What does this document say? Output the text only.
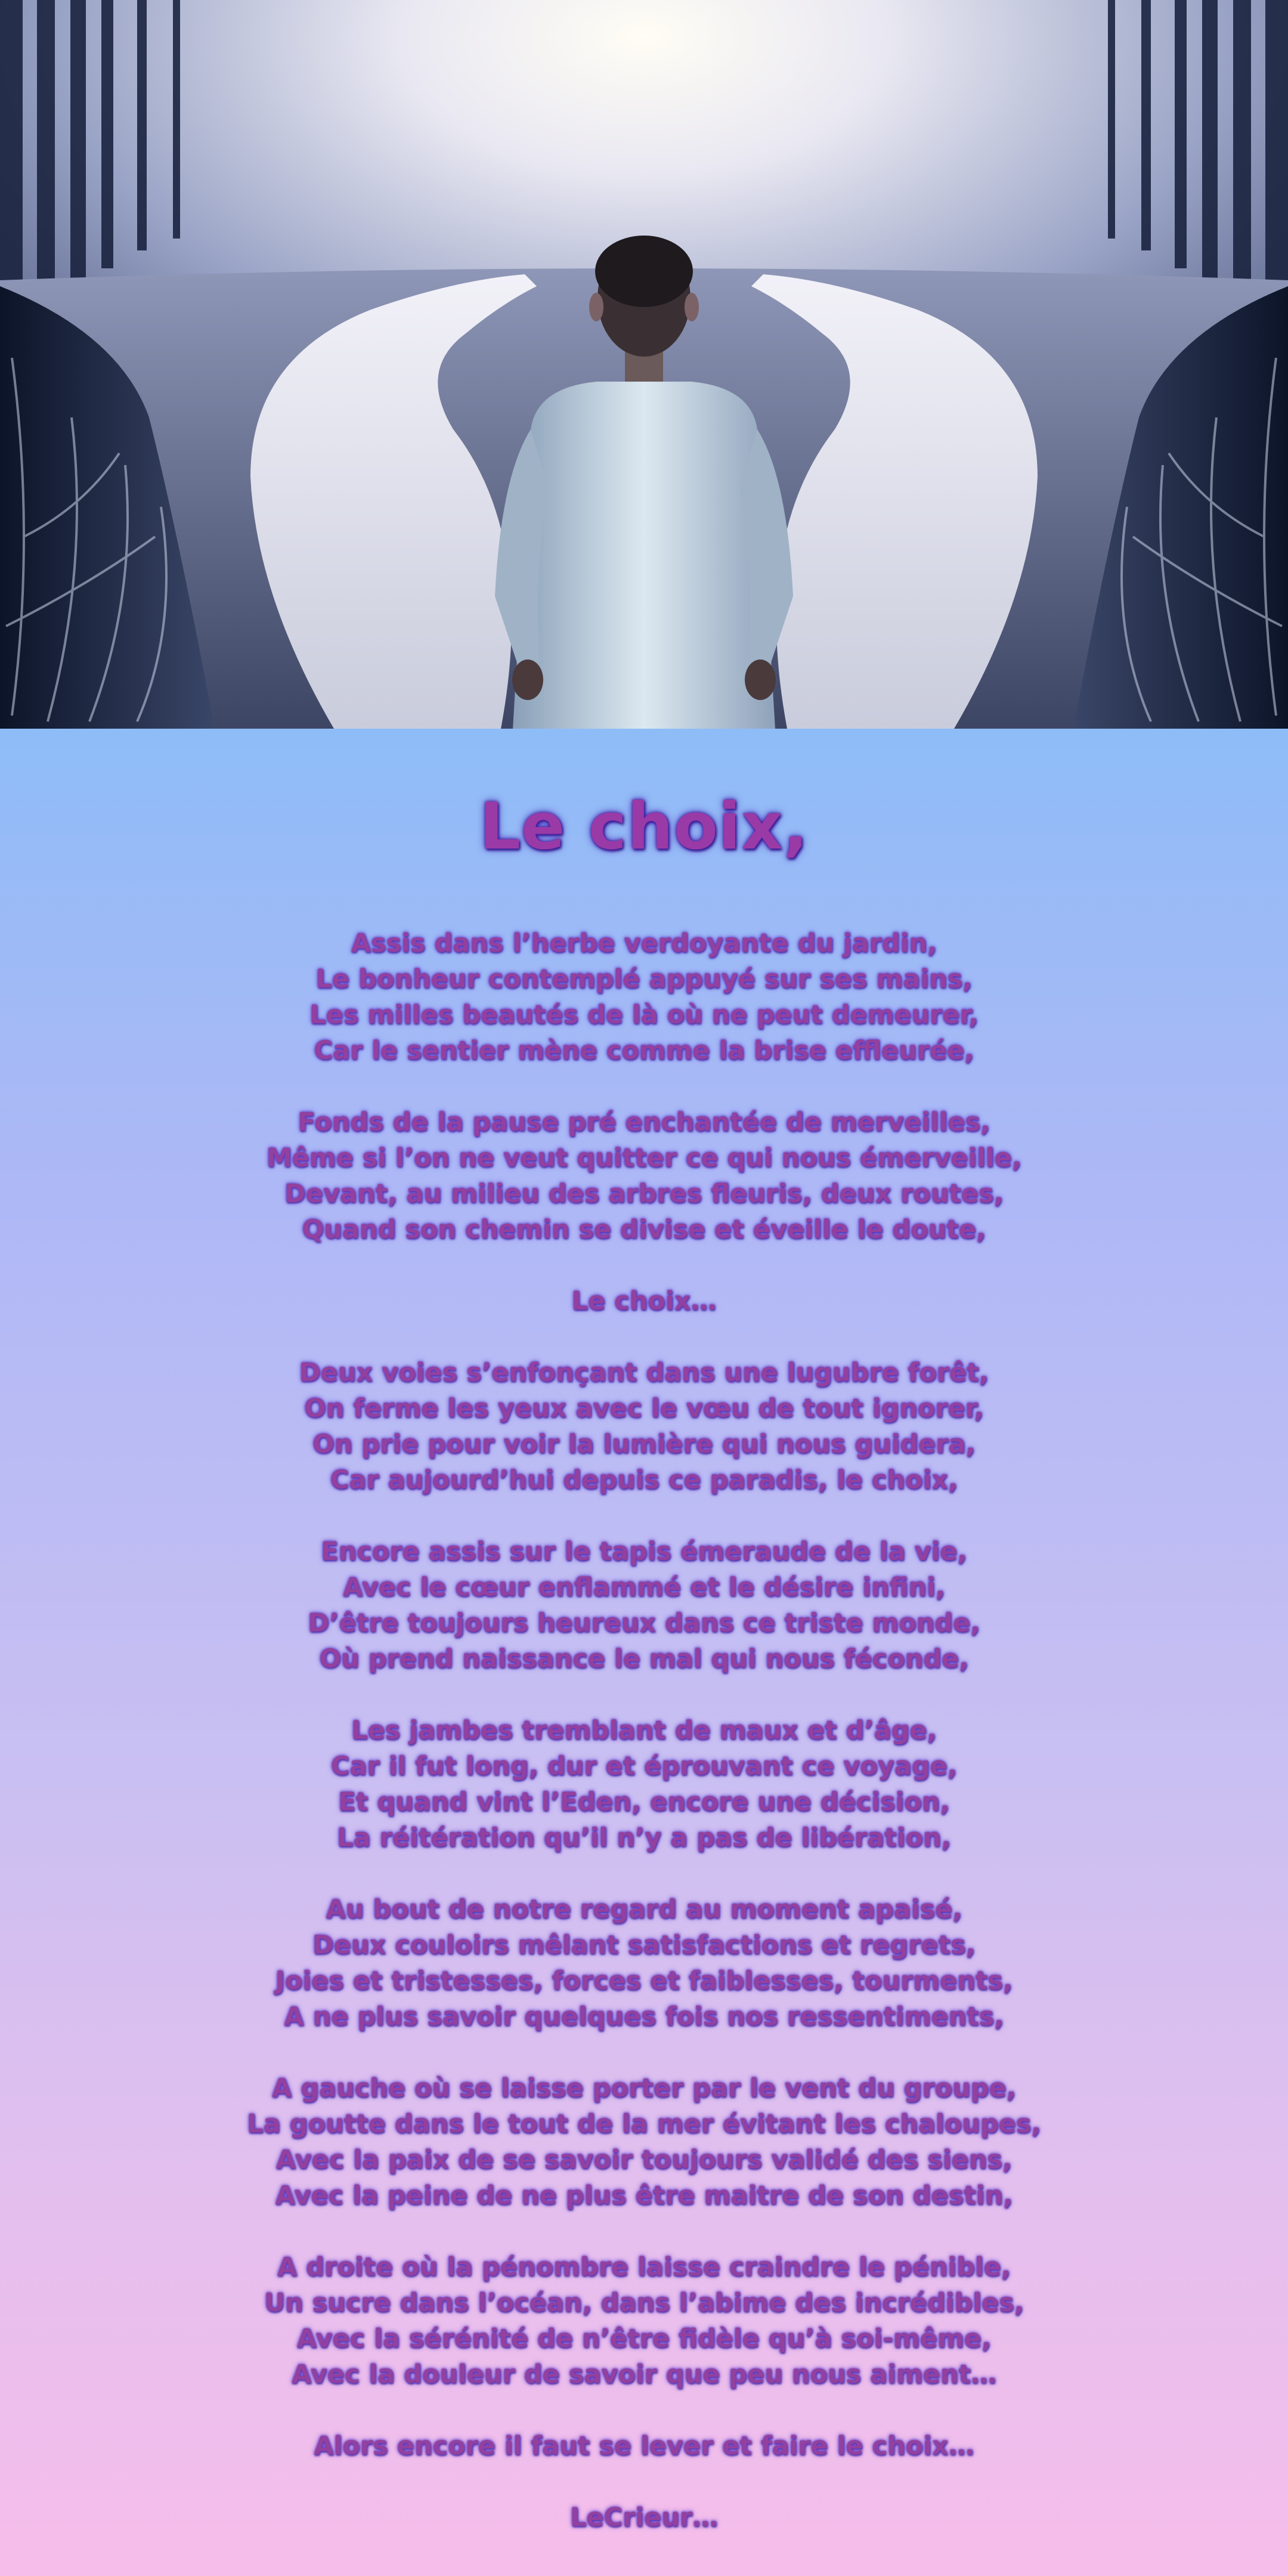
Le choix,
Assis dans l’herbe verdoyante du jardin,
Le bonheur contemplé appuyé sur ses mains,
Les milles beautés de là où ne peut demeurer,
Car le sentier mène comme la brise effleurée,
Fonds de la pause pré enchantée de merveilles,
Même si l’on ne veut quitter ce qui nous émerveille,
Devant, au milieu des arbres fleuris, deux routes,
Quand son chemin se divise et éveille le doute,
Le choix…
Deux voies s’enfonçant dans une lugubre forêt,
On ferme les yeux avec le vœu de tout ignorer,
On prie pour voir la lumière qui nous guidera,
Car aujourd’hui depuis ce paradis, le choix,
Encore assis sur le tapis émeraude de la vie,
Avec le cœur enflammé et le désire infini,
D’être toujours heureux dans ce triste monde,
Où prend naissance le mal qui nous féconde,
Les jambes tremblant de maux et d’âge,
Car il fut long, dur et éprouvant ce voyage,
Et quand vint l’Eden, encore une décision,
La réitération qu’il n’y a pas de libération,
Au bout de notre regard au moment apaisé,
Deux couloirs mêlant satisfactions et regrets,
Joies et tristesses, forces et faiblesses, tourments,
A ne plus savoir quelques fois nos ressentiments,
A gauche où se laisse porter par le vent du groupe,
La goutte dans le tout de la mer évitant les chaloupes,
Avec la paix de se savoir toujours validé des siens,
Avec la peine de ne plus être maitre de son destin,
A droite où la pénombre laisse craindre le pénible,
Un sucre dans l’océan, dans l’abime des incrédibles,
Avec la sérénité de n’être fidèle qu’à soi-même,
Avec la douleur de savoir que peu nous aiment…
Alors encore il faut se lever et faire le choix…
LeCrieur…
